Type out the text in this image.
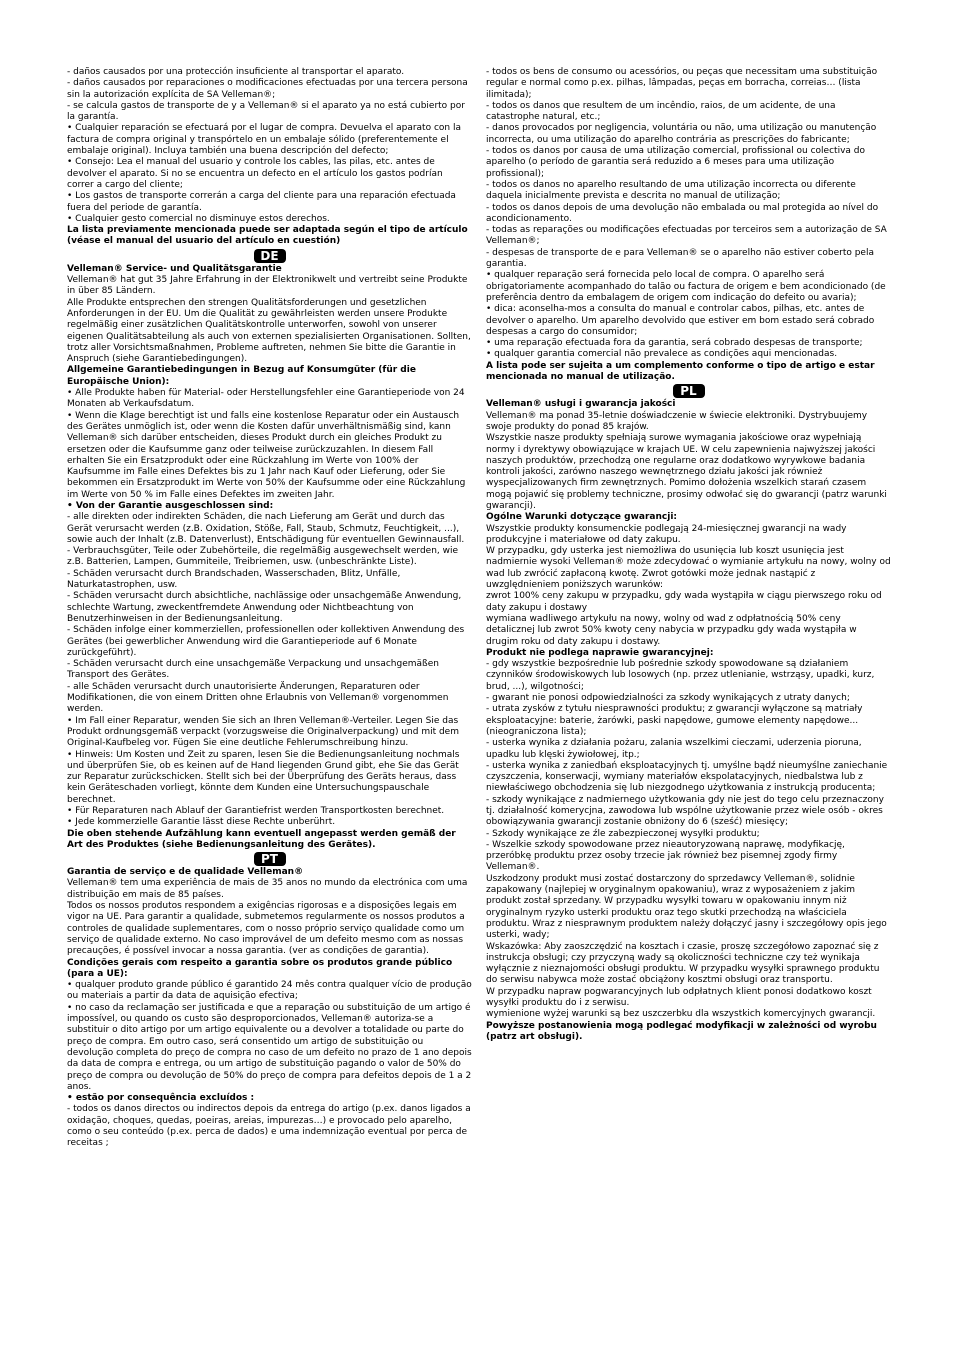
- daños causados por una protección insuficiente al transportar el aparato.

- daños causados por reparaciones o modificaciones efectuadas por una tercera persona sin la autorización explícita de SA Velleman®;

- se calcula gastos de transporte de y a Velleman® si el aparato ya no está cubierto por la garantía.

• Cualquier reparación se efectuará por el lugar de compra. Devuelva el aparato con la factura de compra original y transpórtelo en un embalaje sólido (preferentemente el embalaje original). Incluya también una buena descripción del defecto;

• Consejo: Lea el manual del usuario y controle los cables, las pilas, etc. antes de devolver el aparato. Si no se encuentra un defecto en el artículo los gastos podrían correr a cargo del cliente;

• Los gastos de transporte correrán a carga del cliente para una reparación efectuada fuera del periode de garantía.

• Cualquier gesto comercial no disminuye estos derechos.

La lista previamente mencionada puede ser adaptada según el tipo de artículo (véase el manual del usuario del artículo en cuestión)

DE

Velleman® Service- und Qualitätsgarantie

Velleman® hat gut 35 Jahre Erfahrung in der Elektronikwelt und vertreibt seine Produkte in über 85 Ländern.

Alle Produkte entsprechen den strengen Qualitätsforderungen und gesetzlichen Anforderungen in der EU. Um die Qualität zu gewährleisten werden unsere Produkte regelmäßig einer zusätzlichen Qualitätskontrolle unterworfen, sowohl von unserer eigenen Qualitätsabteilung als auch von externen spezialisierten Organisationen. Sollten, trotz aller Vorsichtsmaßnahmen, Probleme auftreten, nehmen Sie bitte die Garantie in Anspruch (siehe Garantiebedingungen).

Allgemeine Garantiebedingungen in Bezug auf Konsumgüter (für die Europäische Union):

• Alle Produkte haben für Material- oder Herstellungsfehler eine Garantieperiode von 24 Monaten ab Verkaufsdatum.

• Wenn die Klage berechtigt ist und falls eine kostenlose Reparatur oder ein Austausch des Gerätes unmöglich ist, oder wenn die Kosten dafür unverhältnismäßig sind, kann Velleman® sich darüber entscheiden, dieses Produkt durch ein gleiches Produkt zu ersetzen oder die Kaufsumme ganz oder teilweise zurückzuzahlen. In diesem Fall erhalten Sie ein Ersatzprodukt oder eine Rückzahlung im Werte von 100% der Kaufsumme im Falle eines Defektes bis zu 1 Jahr nach Kauf oder Lieferung, oder Sie bekommen ein Ersatzprodukt im Werte von 50% der Kaufsumme oder eine Rückzahlung im Werte von 50 % im Falle eines Defektes im zweiten Jahr.

• Von der Garantie ausgeschlossen sind:

- alle direkten oder indirekten Schäden, die nach Lieferung am Gerät und durch das Gerät verursacht werden (z.B. Oxidation, Stöße, Fall, Staub, Schmutz, Feuchtigkeit, ...), sowie auch der Inhalt (z.B. Datenverlust), Entschädigung für eventuellen Gewinnausfall.

- Verbrauchsgüter, Teile oder Zubehörteile, die regelmäßig ausgewechselt werden, wie z.B. Batterien, Lampen, Gummiteile, Treibriemen, usw. (unbeschränkte Liste).

- Schäden verursacht durch Brandschaden, Wasserschaden, Blitz, Unfälle, Naturkatastrophen, usw.

- Schäden verursacht durch absichtliche, nachlässige oder unsachgemäße Anwendung, schlechte Wartung, zweckentfremdete Anwendung oder Nichtbeachtung von Benutzerhinweisen in der Bedienungsanleitung.

- Schäden infolge einer kommerziellen, professionellen oder kollektiven Anwendung des Gerätes (bei gewerblicher Anwendung wird die Garantieperiode auf 6 Monate zurückgeführt).

- Schäden verursacht durch eine unsachgemäße Verpackung und unsachgemäßen Transport des Gerätes.

- alle Schäden verursacht durch unautorisierte Änderungen, Reparaturen oder Modifikationen, die von einem Dritten ohne Erlaubnis von Velleman® vorgenommen werden.

• Im Fall einer Reparatur, wenden Sie sich an Ihren Velleman®-Verteiler. Legen Sie das Produkt ordnungsgemäß verpackt (vorzugsweise die Originalverpackung) und mit dem Original-Kaufbeleg vor. Fügen Sie eine deutliche Fehlerumschreibung hinzu.

• Hinweis: Um Kosten und Zeit zu sparen, lesen Sie die Bedienungsanleitung nochmals und überprüfen Sie, ob es keinen auf de Hand liegenden Grund gibt, ehe Sie das Gerät zur Reparatur zurückschicken. Stellt sich bei der Überprüfung des Geräts heraus, dass kein Geräteschaden vorliegt, könnte dem Kunden eine Untersuchungspauschale berechnet.

• Für Reparaturen nach Ablauf der Garantiefrist werden Transportkosten berechnet.

• Jede kommerzielle Garantie lässt diese Rechte unberührt.

Die oben stehende Aufzählung kann eventuell angepasst werden gemäß der Art des Produktes (siehe Bedienungsanleitung des Gerätes).

PT

Garantia de serviço e de qualidade Velleman®

Velleman® tem uma experiência de mais de 35 anos no mundo da electrónica com uma distribuição em mais de 85 países.

Todos os nossos produtos respondem a exigências rigorosas e a disposições legais em vigor na UE. Para garantir a qualidade, submetemos regularmente os nossos produtos a controles de qualidade suplementares, com o nosso próprio serviço qualidade como um serviço de qualidade externo. No caso improvável de um defeito mesmo com as nossas precauções, é possível invocar a nossa garantia. (ver as condições de garantia).

Condições gerais com respeito a garantia sobre os produtos grande público (para a UE):

• qualquer produto grande público é garantido 24 mês contra qualquer vício de produção ou materiais a partir da data de aquisição efectiva;

• no caso da reclamação ser justificada e que a reparação ou substituição de um artigo é impossível, ou quando os custo são desproporcionados, Velleman® autoriza-se a substituir o dito artigo por um artigo equivalente ou a devolver a totalidade ou parte do preço de compra. Em outro caso, será consentido um artigo de substituição ou devolução completa do preço de compra no caso de um defeito no prazo de 1 ano depois da data de compra e entrega, ou um artigo de substituição pagando o valor de 50% do preço de compra ou devolução de 50% do preço de compra para defeitos depois de 1 a 2 anos.

• estão por consequência excluídos :

- todos os danos directos ou indirectos depois da entrega do artigo (p.ex. danos ligados a oxidação, choques, quedas, poeiras, areias, impurezas…) e provocado pelo aparelho, como o seu conteúdo (p.ex. perca de dados) e uma indemnização eventual por perca de receitas ;

- todos os bens de consumo ou acessórios, ou peças que necessitam uma substituição regular e normal como p.ex. pilhas, lâmpadas, peças em borracha, correias… (lista ilimitada);

- todos os danos que resultem de um incêndio, raios, de um acidente, de una catastrophe natural, etc.;

- danos provocados por negligencia, voluntária ou não, uma utilização ou manutenção incorrecta, ou uma utilização do aparelho contrária as prescrições do fabricante;

- todos os danos por causa de uma utilização comercial, profissional ou colectiva do aparelho (o período de garantia será reduzido a 6 meses para uma utilização profissional);

- todos os danos no aparelho resultando de uma utilização incorrecta ou diferente daquela inicialmente prevista e descrita no manual de utilização;

- todos os danos depois de uma devolução não embalada ou mal protegida ao nível do acondicionamento.

- todas as reparações ou modificações efectuadas por terceiros sem a autorização de SA Velleman®;

- despesas de transporte de e para Velleman® se o aparelho não estiver coberto pela garantia.

• qualquer reparação será fornecida pelo local de compra. O aparelho será obrigatoriamente acompanhado do talão ou factura de origem e bem acondicionado (de

preferência dentro da embalagem de origem com indicação do defeito ou avaria);

• dica: aconselha-mos a consulta do manual e controlar cabos, pilhas, etc. antes de

devolver o aparelho. Um aparelho devolvido que estiver em bom estado será cobrado despesas a cargo do consumidor;

• uma reparação efectuada fora da garantia, será cobrado despesas de transporte;

• qualquer garantia comercial não prevalece as condições aqui mencionadas.

A lista pode ser sujeita a um complemento conforme o tipo de artigo e estar mencionada no manual de utilização.

PL

Velleman® usługi i gwarancja jakości

Velleman® ma ponad 35-letnie doświadczenie w świecie elektroniki. Dystrybuujemy swoje produkty do ponad 85 krajów.

Wszystkie nasze produkty spełniają surowe wymagania jakościowe oraz wypełniają normy i dyrektywy obowiązujące w krajach UE. W celu zapewnienia najwyższej jakości naszych produktów, przechodzą one regularne oraz dodatkowo wyrywkowe badania kontroli jakości, zarówno naszego wewnętrznego działu jakości jak również wyspecjalizowanych firm zewnętrznych. Pomimo dołożenia wszelkich starań czasem mogą pojawić się problemy techniczne, prosimy odwołać się do gwarancji (patrz warunki gwarancji).

Ogólne Warunki dotyczące gwarancji:

Wszystkie produkty konsumenckie podlegają 24-miesięcznej gwarancji na wady produkcyjne i materiałowe od daty zakupu.

W przypadku, gdy usterka jest niemożliwa do usunięcia lub koszt usunięcia jest nadmiernie wysoki Velleman® może zdecydować o wymianie artykułu na nowy, wolny od wad lub zwrócić zapłaconą kwotę. Zwrot gotówki może jednak nastąpić z uwzględnieniem poniższych warunków:

zwrot 100% ceny zakupu w przypadku, gdy wada wystąpiła w ciągu pierwszego roku od daty zakupu i dostawy

wymiana wadliwego artykułu na nowy, wolny od wad z odpłatnością 50% ceny detalicznej lub zwrot 50% kwoty ceny nabycia w przypadku gdy wada wystąpiła w drugim roku od daty zakupu i dostawy.

Produkt nie podlega naprawie gwarancyjnej:

- gdy wszystkie bezpośrednie lub pośrednie szkody spowodowane są działaniem czynników środowiskowych lub losowych (np. przez utlenianie, wstrząsy, upadki, kurz, brud, ...), wilgotności;

- gwarant nie ponosi odpowiedzialności za szkody wynikających z utraty danych;

- utrata zysków z tytułu niesprawności produktu; z gwarancji wyłączone są matriały eksploatacyjne: baterie, żarówki, paski napędowe, gumowe elementy napędowe... (nieograniczona lista);

- usterka wynika z działania pożaru, zalania wszelkimi cieczami, uderzenia pioruna, upadku lub klęski żywiołowej, itp.;

- usterka wynika z zaniedbań eksploatacyjnych tj. umyślne bądź nieumyślne zaniechanie czyszczenia, konserwacji, wymiany materiałów ekspolatacyjnych, niedbalstwa lub z niewłaściwego obchodzenia się lub niezgodnego użytkowania z instrukcją producenta;

- szkody wynikające z nadmiernego użytkowania gdy nie jest do tego celu przeznaczony tj. działalność komerycjna, zawodowa lub wspólne użytkowanie przez wiele osób - okres obowiązywania gwarancji zostanie obniżony do 6 (sześć) miesięcy;

- Szkody wynikające ze źle zabezpieczonej wysyłki produktu;

- Wszelkie szkody spowodowane przez nieautoryzowaną naprawę, modyfikację, przeróbkę produktu przez osoby trzecie jak również bez pisemnej zgody firmy Velleman®.

Uszkodzony produkt musi zostać dostarczony do sprzedawcy Velleman®, solidnie zapakowany (najlepiej w oryginalnym opakowaniu), wraz z wyposażeniem z jakim produkt został sprzedany. W przypadku wysyłki towaru w opakowaniu innym niż oryginalnym ryzyko usterki produktu oraz tego skutki przechodzą na właściciela produktu. Wraz z niesprawnym produktem należy dołączyć jasny i szczegółowy opis jego usterki, wady;

Wskazówka: Aby zaoszczędzić na kosztach i czasie, proszę szczegółowo zapoznać się z instrukcja obsługi; czy przyczyną wady są okoliczności techniczne czy też wynikaja wyłącznie z nieznajomości obsługi produktu. W przypadku wysyłki sprawnego produktu do serwisu nabywca może zostać obciążony kosztmi obsługi oraz transportu.

W przypadku napraw pogwarancyjnych lub odpłatnych klient ponosi dodatkowo koszt wysyłki produktu do i z serwisu.

wymienione wyżej warunki są bez uszczerbku dla wszystkich komercyjnych gwarancji.

Powyższe postanowienia mogą podlegać modyfikacji w zależności od wyrobu (patrz art obsługi).
